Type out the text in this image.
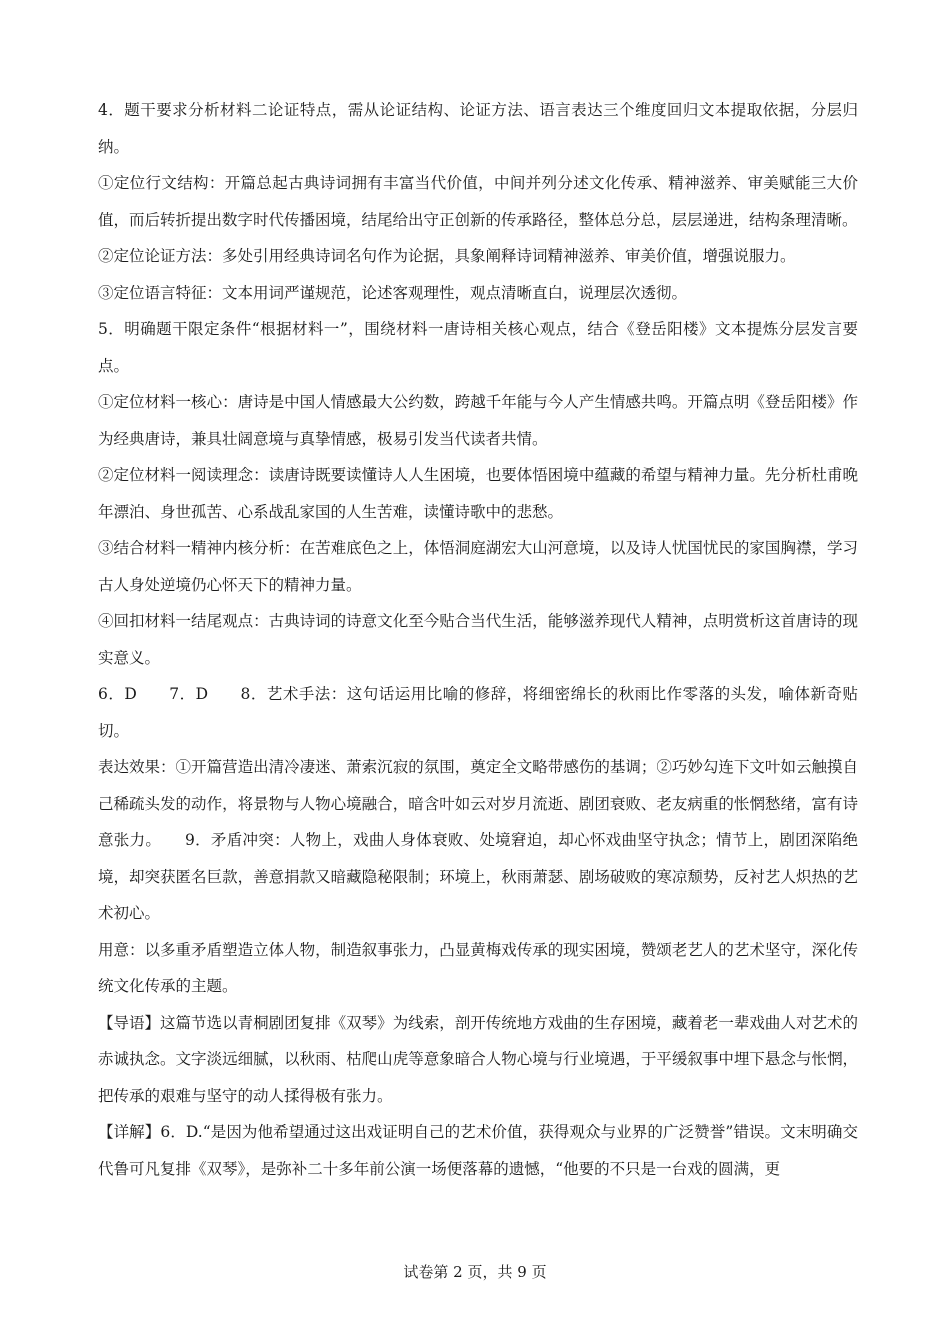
4．题干要求分析材料二论证特点，需从论证结构、论证方法、语言表达三个维度回归文本提取依据，分层归纳。

①定位行文结构：开篇总起古典诗词拥有丰富当代价值，中间并列分述文化传承、精神滋养、审美赋能三大价值，而后转折提出数字时代传播困境，结尾给出守正创新的传承路径，整体总分总，层层递进，结构条理清晰。

②定位论证方法：多处引用经典诗词名句作为论据，具象阐释诗词精神滋养、审美价值，增强说服力。

③定位语言特征：文本用词严谨规范，论述客观理性，观点清晰直白，说理层次透彻。

5．明确题干限定条件“根据材料一”，围绕材料一唐诗相关核心观点，结合《登岳阳楼》文本提炼分层发言要点。

①定位材料一核心：唐诗是中国人情感最大公约数，跨越千年能与今人产生情感共鸣。开篇点明《登岳阳楼》作为经典唐诗，兼具壮阔意境与真挚情感，极易引发当代读者共情。

②定位材料一阅读理念：读唐诗既要读懂诗人人生困境，也要体悟困境中蕴藏的希望与精神力量。先分析杜甫晚年漂泊、身世孤苦、心系战乱家国的人生苦难，读懂诗歌中的悲愁。

③结合材料一精神内核分析：在苦难底色之上，体悟洞庭湖宏大山河意境，以及诗人忧国忧民的家国胸襟，学习古人身处逆境仍心怀天下的精神力量。

④回扣材料一结尾观点：古典诗词的诗意文化至今贴合当代生活，能够滋养现代人精神，点明赏析这首唐诗的现实意义。

6．D　　7．D　　8．艺术手法：这句话运用比喻的修辞，将细密绵长的秋雨比作零落的头发，喻体新奇贴切。

表达效果：①开篇营造出清冷凄迷、萧索沉寂的氛围，奠定全文略带感伤的基调；②巧妙勾连下文叶如云触摸自己稀疏头发的动作，将景物与人物心境融合，暗含叶如云对岁月流逝、剧团衰败、老友病重的怅惘愁绪，富有诗意张力。　　9．矛盾冲突：人物上，戏曲人身体衰败、处境窘迫，却心怀戏曲坚守执念；情节上，剧团深陷绝境，却突获匿名巨款，善意捐款又暗藏隐秘限制；环境上，秋雨萧瑟、剧场破败的寒凉颓势，反衬艺人炽热的艺术初心。

用意：以多重矛盾塑造立体人物，制造叙事张力，凸显黄梅戏传承的现实困境，赞颂老艺人的艺术坚守，深化传统文化传承的主题。

【导语】这篇节选以青桐剧团复排《双琴》为线索，剖开传统地方戏曲的生存困境，藏着老一辈戏曲人对艺术的赤诚执念。文字淡远细腻，以秋雨、枯爬山虎等意象暗合人物心境与行业境遇，于平缓叙事中埋下悬念与怅惘，把传承的艰难与坚守的动人揉得极有张力。

【详解】6．D.“是因为他希望通过这出戏证明自己的艺术价值，获得观众与业界的广泛赞誉”错误。文末明确交代鲁可凡复排《双琴》，是弥补二十多年前公演一场便落幕的遗憾，“他要的不只是一台戏的圆满，更

试卷第 2 页，共 9 页
